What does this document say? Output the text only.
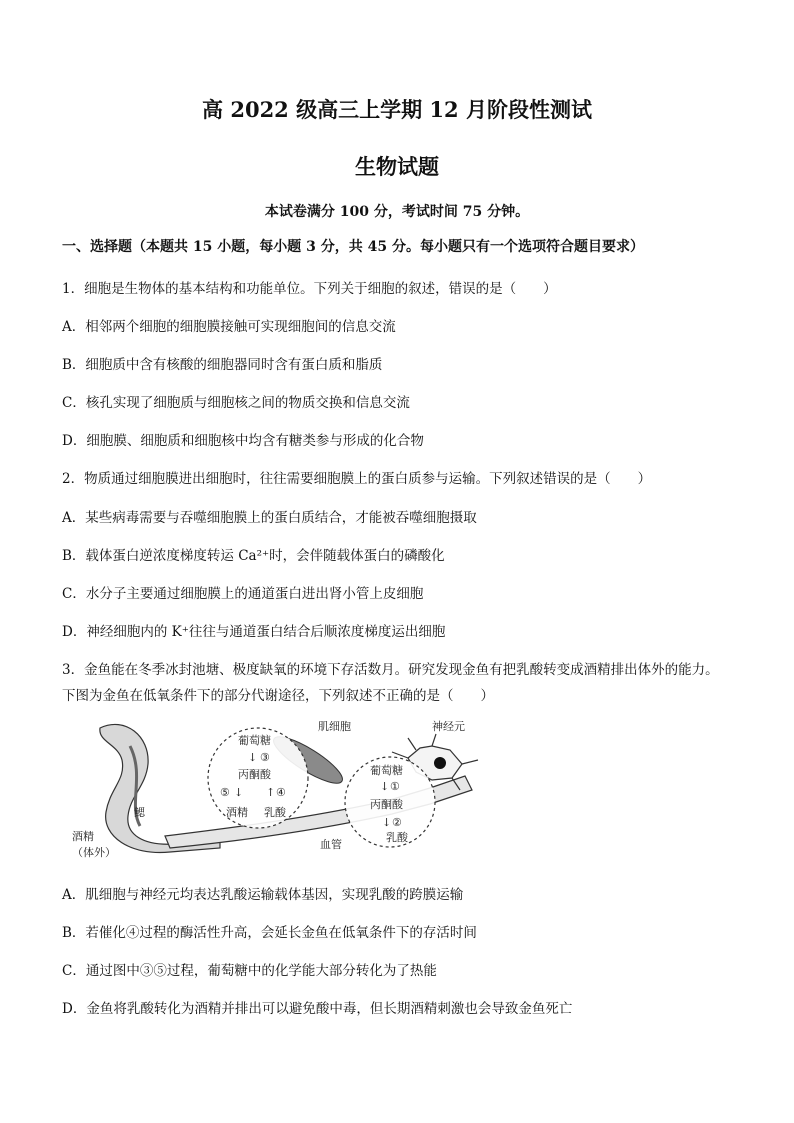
高 2022 级高三上学期 12 月阶段性测试
生物试题
本试卷满分 100 分，考试时间 75 分钟。
一、选择题（本题共 15 小题，每小题 3 分，共 45 分。每小题只有一个选项符合题目要求）
1．细胞是生物体的基本结构和功能单位。下列关于细胞的叙述，错误的是（　　）
A．相邻两个细胞的细胞膜接触可实现细胞间的信息交流
B．细胞质中含有核酸的细胞器同时含有蛋白质和脂质
C．核孔实现了细胞质与细胞核之间的物质交换和信息交流
D．细胞膜、细胞质和细胞核中均含有糖类参与形成的化合物
2．物质通过细胞膜进出细胞时，往往需要细胞膜上的蛋白质参与运输。下列叙述错误的是（　　）
A．某些病毒需要与吞噬细胞膜上的蛋白质结合，才能被吞噬细胞摄取
B．载体蛋白逆浓度梯度转运 Ca²⁺时，会伴随载体蛋白的磷酸化
C．水分子主要通过细胞膜上的通道蛋白进出肾小管上皮细胞
D．神经细胞内的 K⁺往往与通道蛋白结合后顺浓度梯度运出细胞
3．金鱼能在冬季冰封池塘、极度缺氧的环境下存活数月。研究发现金鱼有把乳酸转变成酒精排出体外的能力。
下图为金鱼在低氧条件下的部分代谢途径，下列叙述不正确的是（　　）
葡萄糖
↓ ③
丙酮酸
⑤ ↓ ↑ ④
酒精 乳酸
葡萄糖
↓ ①
丙酮酸
↓ ②
乳酸
肌细胞	神经元
鳃
酒精
（体外）
血管
A．肌细胞与神经元均表达乳酸运输载体基因，实现乳酸的跨膜运输
B．若催化④过程的酶活性升高，会延长金鱼在低氧条件下的存活时间
C．通过图中③⑤过程，葡萄糖中的化学能大部分转化为了热能
D．金鱼将乳酸转化为酒精并排出可以避免酸中毒，但长期酒精刺激也会导致金鱼死亡
